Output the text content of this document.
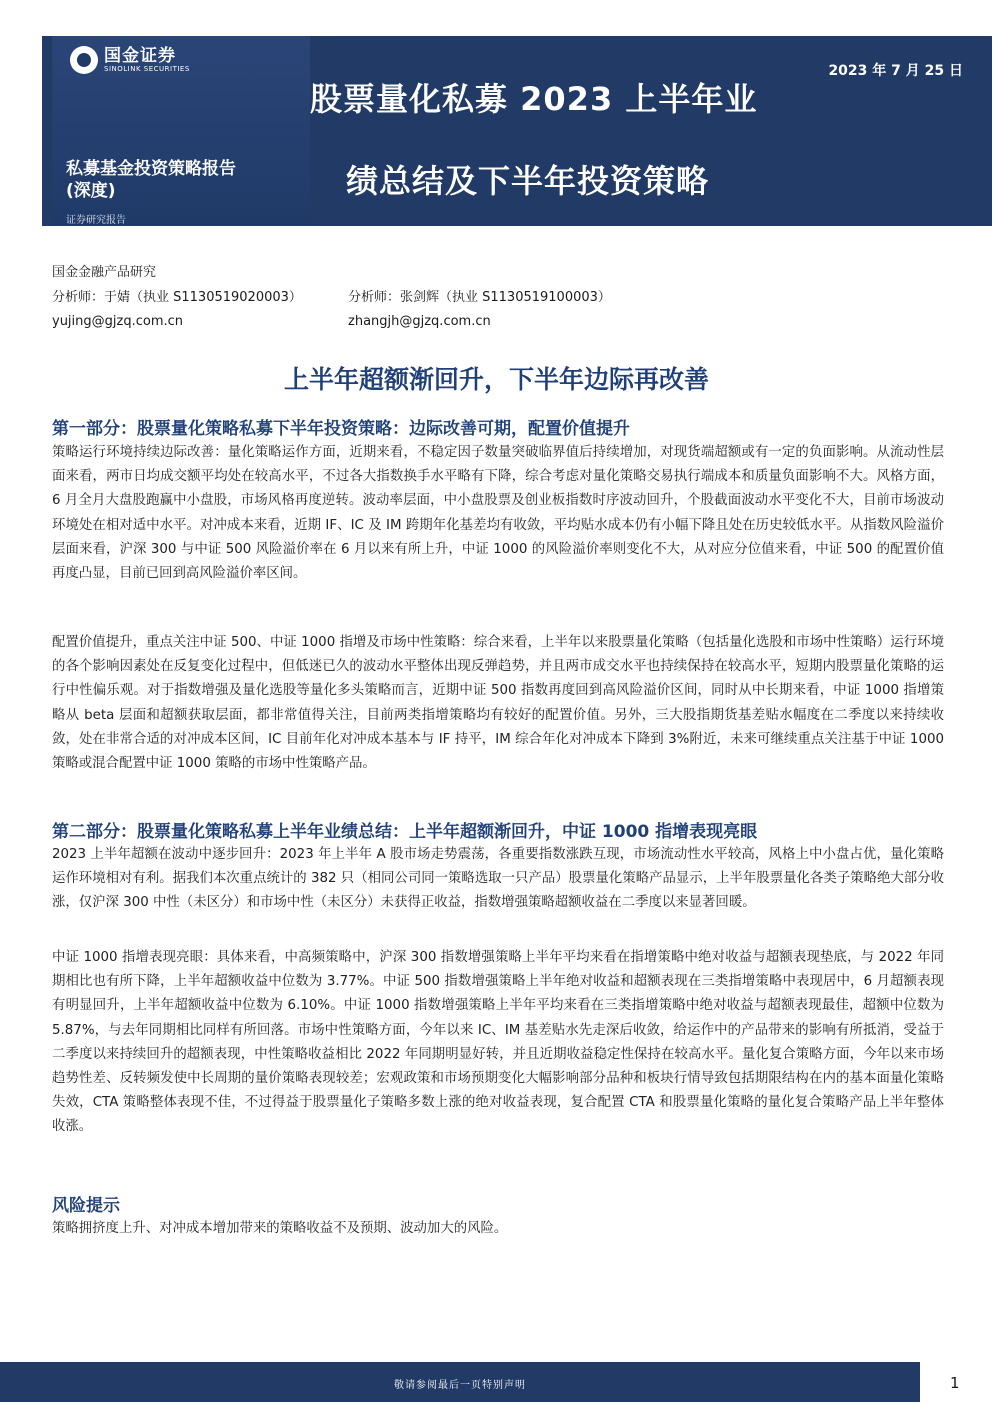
国金证券
SINOLINK SECURITIES	2023 年 7 月 25 日
股票量化私募 2023 上半年业
绩总结及下半年投资策略
私募基金投资策略报告
(深度)
证券研究报告
国金金融产品研究
分析师：于婧（执业 S1130519020003）	分析师：张剑辉（执业 S1130519100003）
yujing@gjzq.com.cn	zhangjh@gjzq.com.cn
上半年超额渐回升，下半年边际再改善
第一部分：股票量化策略私募下半年投资策略：边际改善可期，配置价值提升
策略运行环境持续边际改善：量化策略运作方面，近期来看，不稳定因子数量突破临界值后持续增加，对现货端超额或有一定的负面影响。从流动性层面来看，两市日均成交额平均处在较高水平，不过各大指数换手水平略有下降，综合考虑对量化策略交易执行端成本和质量负面影响不大。风格方面，6 月全月大盘股跑赢中小盘股，市场风格再度逆转。波动率层面，中小盘股票及创业板指数时序波动回升，个股截面波动水平变化不大，目前市场波动环境处在相对适中水平。对冲成本来看，近期 IF、IC 及 IM 跨期年化基差均有收敛，平均贴水成本仍有小幅下降且处在历史较低水平。从指数风险溢价层面来看，沪深 300 与中证 500 风险溢价率在 6 月以来有所上升，中证 1000 的风险溢价率则变化不大，从对应分位值来看，中证 500 的配置价值再度凸显，目前已回到高风险溢价率区间。
配置价值提升，重点关注中证 500、中证 1000 指增及市场中性策略：综合来看，上半年以来股票量化策略（包括量化选股和市场中性策略）运行环境的各个影响因素处在反复变化过程中，但低迷已久的波动水平整体出现反弹趋势，并且两市成交水平也持续保持在较高水平，短期内股票量化策略的运行中性偏乐观。对于指数增强及量化选股等量化多头策略而言，近期中证 500 指数再度回到高风险溢价区间，同时从中长期来看，中证 1000 指增策略从 beta 层面和超额获取层面，都非常值得关注，目前两类指增策略均有较好的配置价值。另外，三大股指期货基差贴水幅度在二季度以来持续收敛，处在非常合适的对冲成本区间，IC 目前年化对冲成本基本与 IF 持平，IM 综合年化对冲成本下降到 3%附近，未来可继续重点关注基于中证 1000 策略或混合配置中证 1000 策略的市场中性策略产品。
第二部分：股票量化策略私募上半年业绩总结：上半年超额渐回升，中证 1000 指增表现亮眼
2023 上半年超额在波动中逐步回升：2023 年上半年 A 股市场走势震荡，各重要指数涨跌互现，市场流动性水平较高，风格上中小盘占优，量化策略运作环境相对有利。据我们本次重点统计的 382 只（相同公司同一策略选取一只产品）股票量化策略产品显示，上半年股票量化各类子策略绝大部分收涨，仅沪深 300 中性（未区分）和市场中性（未区分）未获得正收益，指数增强策略超额收益在二季度以来显著回暖。
中证 1000 指增表现亮眼：具体来看，中高频策略中，沪深 300 指数增强策略上半年平均来看在指增策略中绝对收益与超额表现垫底，与 2022 年同期相比也有所下降，上半年超额收益中位数为 3.77%。中证 500 指数增强策略上半年绝对收益和超额表现在三类指增策略中表现居中，6 月超额表现有明显回升，上半年超额收益中位数为 6.10%。中证 1000 指数增强策略上半年平均来看在三类指增策略中绝对收益与超额表现最佳，超额中位数为 5.87%，与去年同期相比同样有所回落。市场中性策略方面，今年以来 IC、IM 基差贴水先走深后收敛，给运作中的产品带来的影响有所抵消，受益于二季度以来持续回升的超额表现，中性策略收益相比 2022 年同期明显好转，并且近期收益稳定性保持在较高水平。量化复合策略方面，今年以来市场趋势性差、反转频发使中长周期的量价策略表现较差；宏观政策和市场预期变化大幅影响部分品种和板块行情导致包括期限结构在内的基本面量化策略失效，CTA 策略整体表现不佳，不过得益于股票量化子策略多数上涨的绝对收益表现，复合配置 CTA 和股票量化策略的量化复合策略产品上半年整体收涨。
风险提示
策略拥挤度上升、对冲成本增加带来的策略收益不及预期、波动加大的风险。
敬请参阅最后一页特别声明	1
